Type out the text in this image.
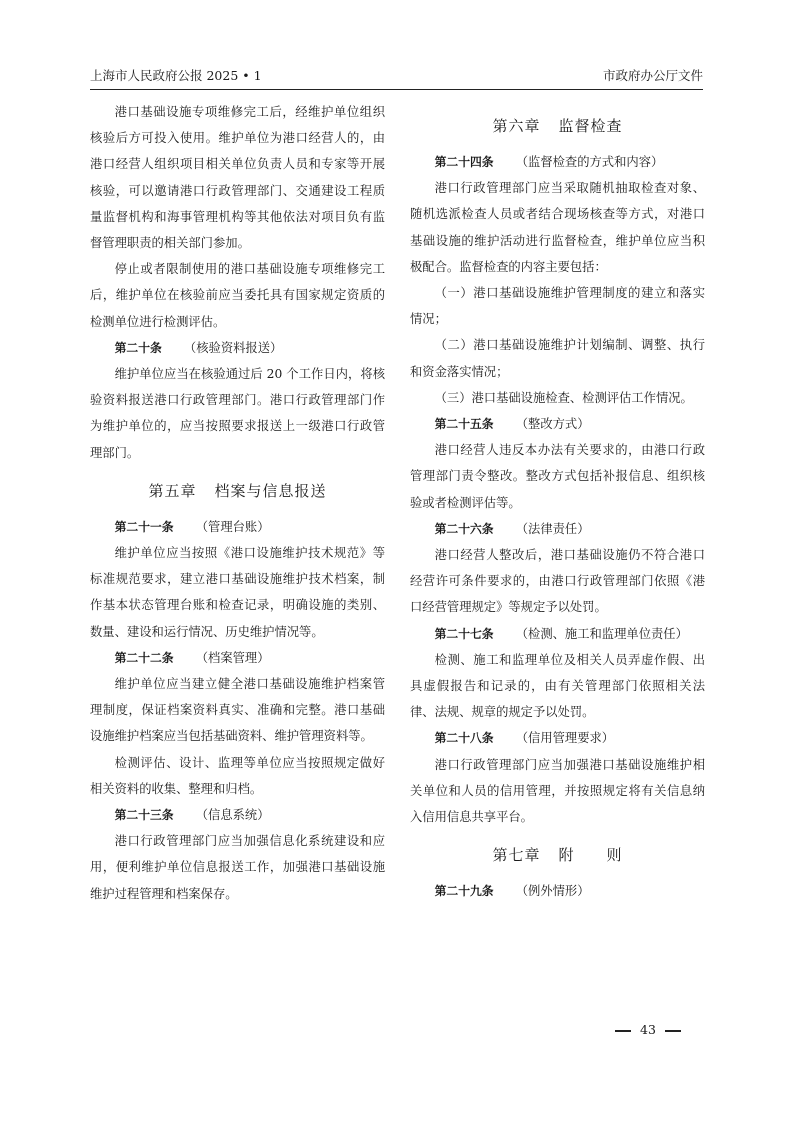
上海市人民政府公报 2025 • 1	市政府办公厅文件

港口基础设施专项维修完工后，经维护单位组织核验后方可投入使用。维护单位为港口经营人的，由港口经营人组织项目相关单位负责人员和专家等开展核验，可以邀请港口行政管理部门、交通建设工程质量监督机构和海事管理机构等其他依法对项目负有监督管理职责的相关部门参加。

停止或者限制使用的港口基础设施专项维修完工后，维护单位在核验前应当委托具有国家规定资质的检测单位进行检测评估。

第二十条 （核验资料报送）

维护单位应当在核验通过后 20 个工作日内，将核验资料报送港口行政管理部门。港口行政管理部门作为维护单位的，应当按照要求报送上一级港口行政管理部门。

第五章 档案与信息报送
第二十一条 （管理台账）

维护单位应当按照《港口设施维护技术规范》等标准规范要求，建立港口基础设施维护技术档案，制作基本状态管理台账和检查记录，明确设施的类别、数量、建设和运行情况、历史维护情况等。

第二十二条 （档案管理）

维护单位应当建立健全港口基础设施维护档案管理制度，保证档案资料真实、准确和完整。港口基础设施维护档案应当包括基础资料、维护管理资料等。

检测评估、设计、监理等单位应当按照规定做好相关资料的收集、整理和归档。

第二十三条 （信息系统）

港口行政管理部门应当加强信息化系统建设和应用，便利维护单位信息报送工作，加强港口基础设施维护过程管理和档案保存。

第六章 监督检查
第二十四条 （监督检查的方式和内容）

港口行政管理部门应当采取随机抽取检查对象、随机选派检查人员或者结合现场核查等方式，对港口基础设施的维护活动进行监督检查，维护单位应当积极配合。监督检查的内容主要包括：

（一）港口基础设施维护管理制度的建立和落实情况；

（二）港口基础设施维护计划编制、调整、执行和资金落实情况；

（三）港口基础设施检查、检测评估工作情况。

第二十五条 （整改方式）

港口经营人违反本办法有关要求的，由港口行政管理部门责令整改。整改方式包括补报信息、组织核验或者检测评估等。

第二十六条 （法律责任）

港口经营人整改后，港口基础设施仍不符合港口经营许可条件要求的，由港口行政管理部门依照《港口经营管理规定》等规定予以处罚。

第二十七条 （检测、施工和监理单位责任）

检测、施工和监理单位及相关人员弄虚作假、出具虚假报告和记录的，由有关管理部门依照相关法律、法规、规章的规定予以处罚。

第二十八条 （信用管理要求）

港口行政管理部门应当加强港口基础设施维护相关单位和人员的信用管理，并按照规定将有关信息纳入信用信息共享平台。

第七章 附　　则
第二十九条 （例外情形）
43
